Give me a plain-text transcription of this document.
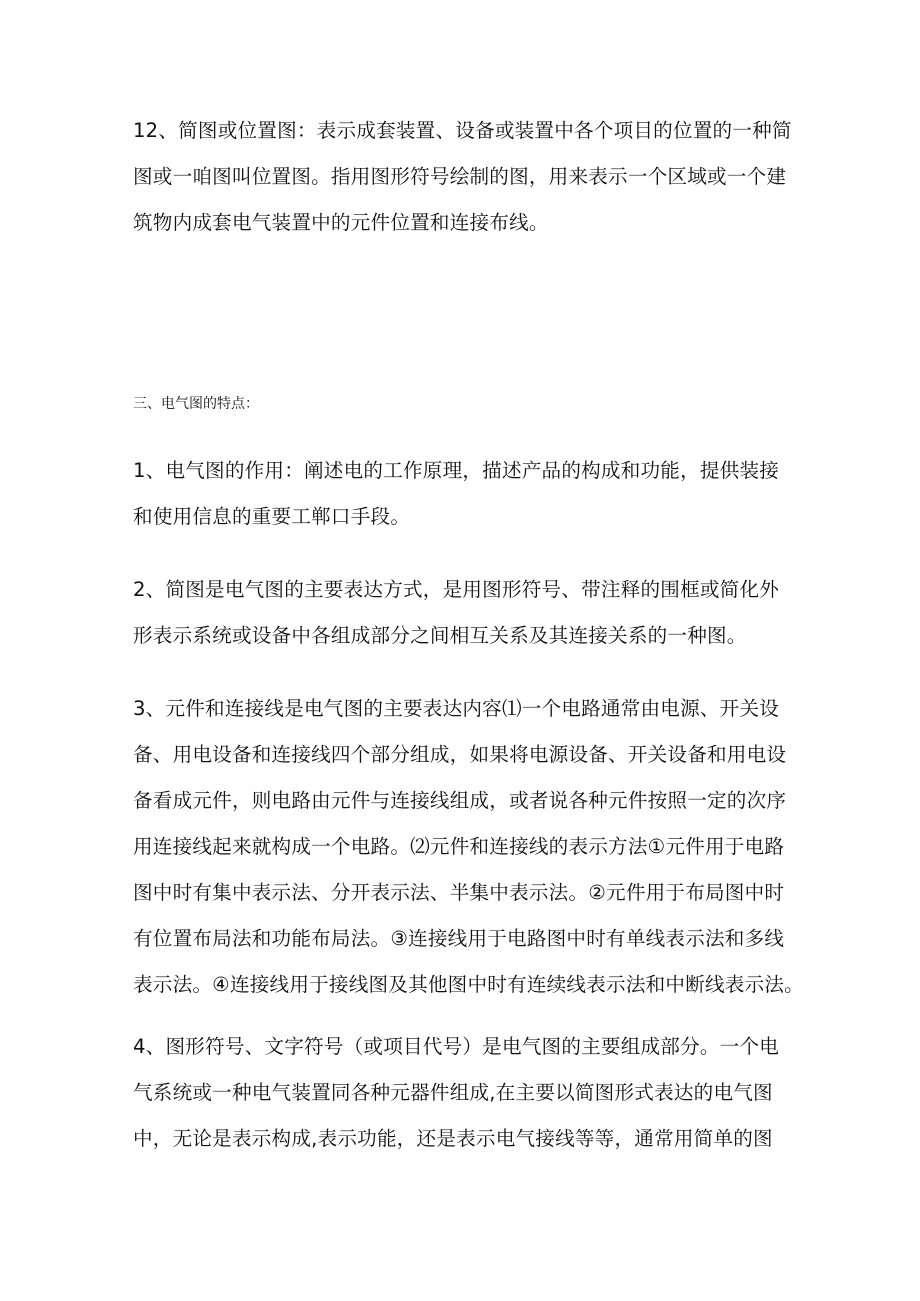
12、简图或位置图：表示成套装置、设备或装置中各个项目的位置的一种简
图或一咱图叫位置图。指用图形符号绘制的图，用来表示一个区域或一个建
筑物内成套电气装置中的元件位置和连接布线。

三、电气图的特点：

1、电气图的作用：阐述电的工作原理，描述产品的构成和功能，提供装接
和使用信息的重要工郸口手段。

2、简图是电气图的主要表达方式，是用图形符号、带注释的围框或简化外
形表示系统或设备中各组成部分之间相互关系及其连接关系的一种图。

3、元件和连接线是电气图的主要表达内容⑴一个电路通常由电源、开关设
备、用电设备和连接线四个部分组成，如果将电源设备、开关设备和用电设
备看成元件，则电路由元件与连接线组成，或者说各种元件按照一定的次序
用连接线起来就构成一个电路。⑵元件和连接线的表示方法①元件用于电路
图中时有集中表示法、分开表示法、半集中表示法。②元件用于布局图中时
有位置布局法和功能布局法。③连接线用于电路图中时有单线表示法和多线
表示法。④连接线用于接线图及其他图中时有连续线表示法和中断线表示法。

4、图形符号、文字符号（或项目代号）是电气图的主要组成部分。一个电
气系统或一种电气装置同各种元器件组成,在主要以简图形式表达的电气图
中，无论是表示构成,表示功能，还是表示电气接线等等，通常用简单的图
